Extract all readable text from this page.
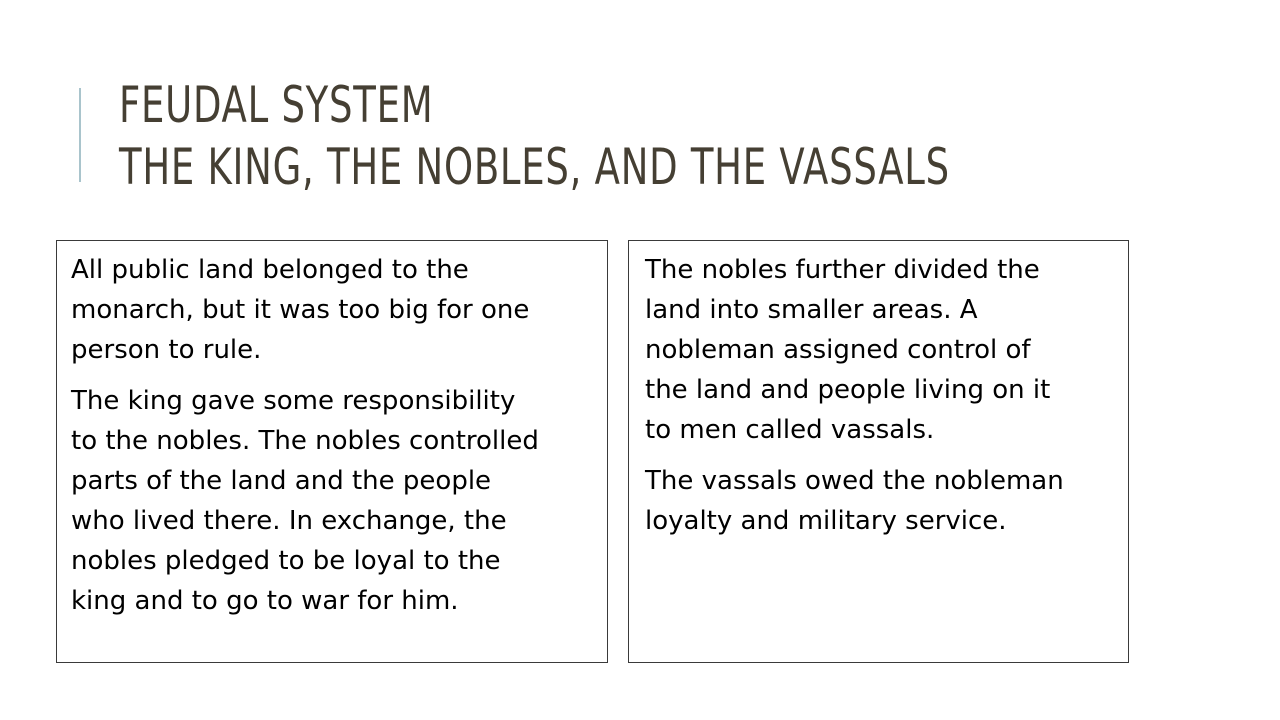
FEUDAL SYSTEM
THE KING, THE NOBLES, AND THE VASSALS

All public land belonged to the
monarch, but it was too big for one
person to rule.

The king gave some responsibility
to the nobles. The nobles controlled
parts of the land and the people
who lived there. In exchange, the
nobles pledged to be loyal to the
king and to go to war for him.

The nobles further divided the
land into smaller areas. A
nobleman assigned control of
the land and people living on it
to men called vassals.

The vassals owed the nobleman
loyalty and military service.
